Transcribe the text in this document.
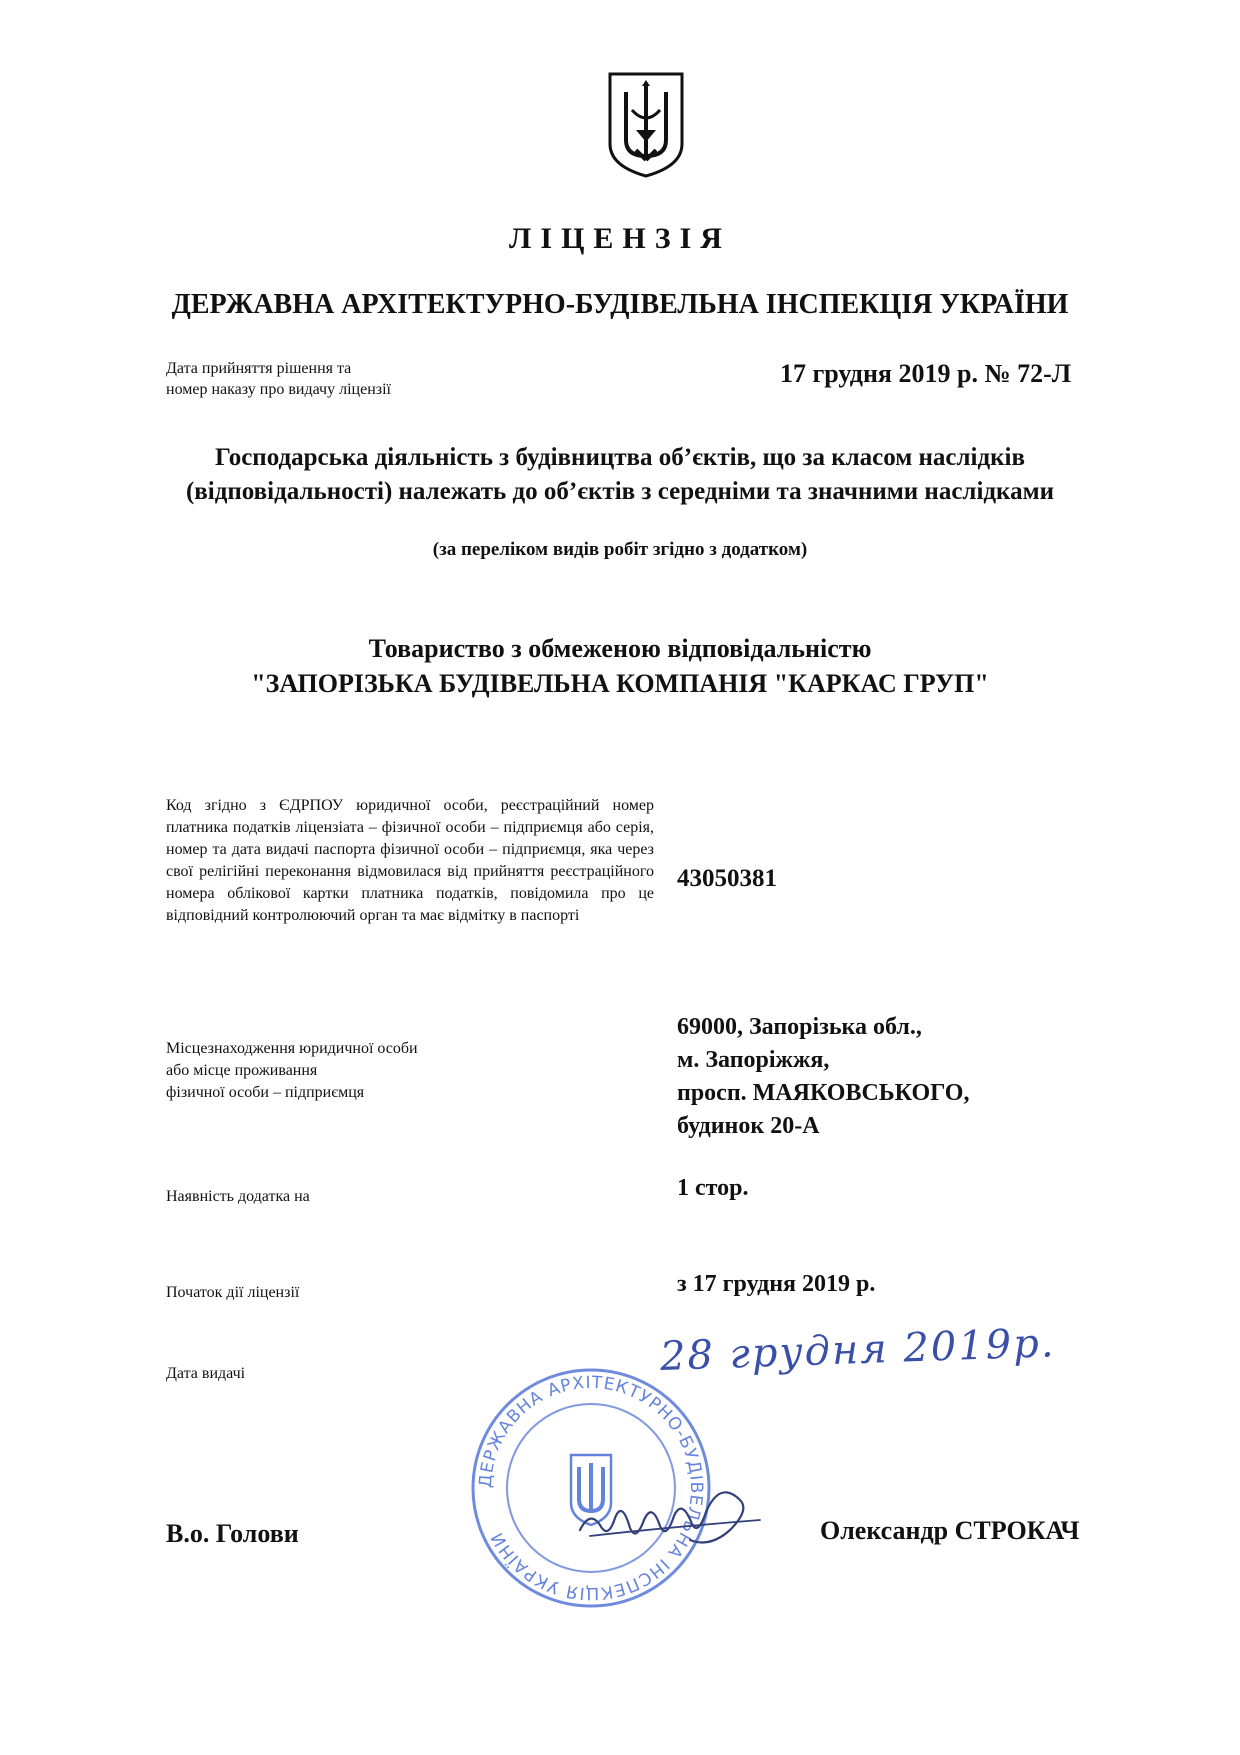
ЛІЦЕНЗІЯ
ДЕРЖАВНА АРХІТЕКТУРНО-БУДІВЕЛЬНА ІНСПЕКЦІЯ УКРАЇНИ
Дата прийняття рішення та
номер наказу про видачу ліцензії
17 грудня 2019 р. № 72-Л
Господарська діяльність з будівництва об’єктів, що за класом наслідків (відповідальності) належать до об’єктів з середніми та значними наслідками
(за переліком видів робіт згідно з додатком)
Товариство з обмеженою відповідальністю
"ЗАПОРІЗЬКА БУДІВЕЛЬНА КОМПАНІЯ "КАРКАС ГРУП"
Код згідно з ЄДРПОУ юридичної особи, реєстраційний номер платника податків ліцензіата – фізичної особи – підприємця або серія, номер та дата видачі паспорта фізичної особи – підприємця, яка через свої релігійні переконання відмовилася від прийняття реєстраційного номера облікової картки платника податків, повідомила про це відповідний контролюючий орган та має відмітку в паспорті
43050381
Місцезнаходження юридичної особи
або місце проживання
фізичної особи – підприємця
69000, Запорізька обл.,
м. Запоріжжя,
просп. МАЯКОВСЬКОГО,
будинок 20-А
Наявність додатка на	1 стор.
Початок дії ліцензії	з 17 грудня 2019 р.
Дата видачі	28 грудня 2019р.
ДЕРЖАВНА АРХІТЕКТУРНО-БУДІВЕЛЬНА ІНСПЕКЦІЯ УКРАЇНИ
В.о. Голови	Олександр СТРОКАЧ
